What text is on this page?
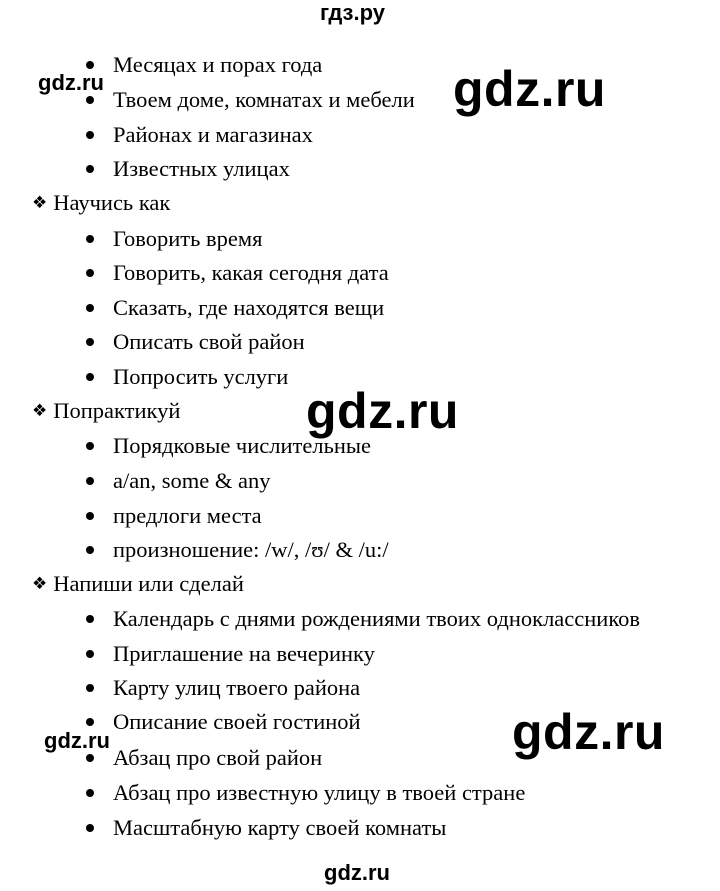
гдз.ру
gdz.ru	gdz.ru
gdz.ru
gdz.ru	gdz.ru
gdz.ru
Месяцах и порах года
Твоем доме, комнатах и мебели
Районах и магазинах
Известных улицах
❖ Научись как
Говорить время
Говорить, какая сегодня дата
Сказать, где находятся вещи
Описать свой район
Попросить услуги
❖ Попрактикуй
Порядковые числительные
a/an, some & any
предлоги места
произношение: /w/, /ʊ/ & /u:/
❖ Напиши или сделай
Календарь с днями рождениями твоих одноклассников
Приглашение на вечеринку
Карту улиц твоего района
Описание своей гостиной
Абзац про свой район
Абзац про известную улицу в твоей стране
Масштабную карту своей комнаты
